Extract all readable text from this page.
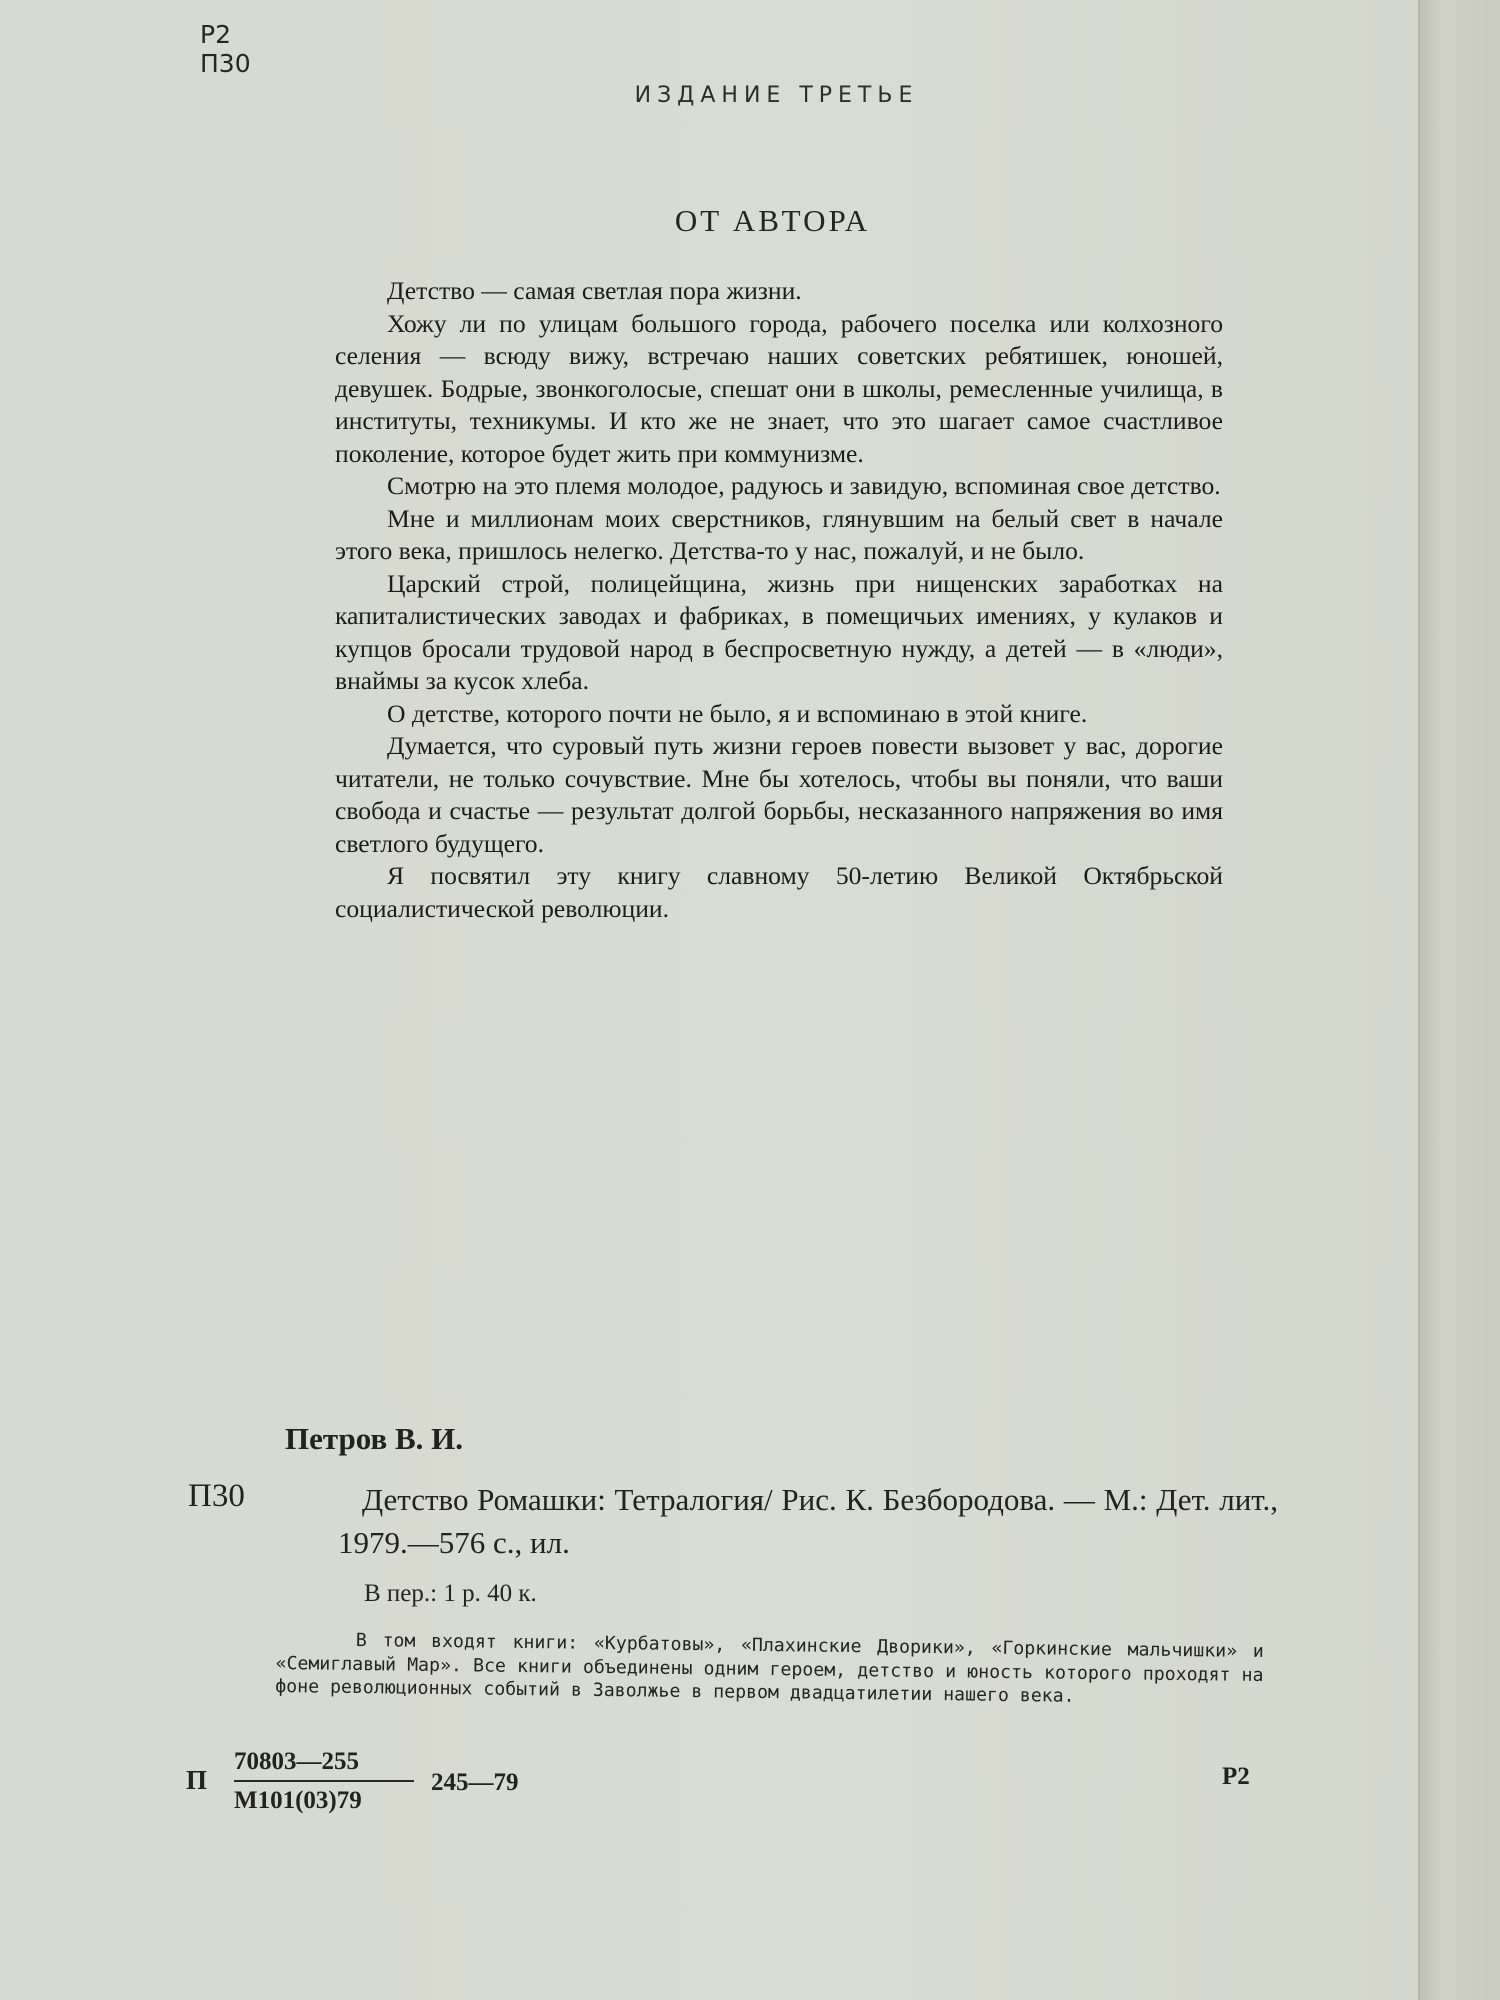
Р2
П30
ИЗДАНИЕ ТРЕТЬЕ
ОТ АВТОРА

Детство — самая светлая пора жизни.

Хожу ли по улицам большого города, рабочего поселка или колхозного селения — всюду вижу, встречаю наших советских ребятишек, юношей, девушек. Бодрые, звонкоголосые, спешат они в школы, ремесленные училища, в институты, техникумы. И кто же не знает, что это шагает самое счастливое поколение, которое будет жить при коммунизме.

Смотрю на это племя молодое, радуюсь и завидую, вспоминая свое детство.

Мне и миллионам моих сверстников, глянувшим на белый свет в начале этого века, пришлось нелегко. Детства-то у нас, пожалуй, и не было.

Царский строй, полицейщина, жизнь при нищенских заработках на капиталистических заводах и фабриках, в помещичьих имениях, у кулаков и купцов бросали трудовой народ в беспросветную нужду, а детей — в «люди», внаймы за кусок хлеба.

О детстве, которого почти не было, я и вспоминаю в этой книге.

Думается, что суровый путь жизни героев повести вызовет у вас, дорогие читатели, не только сочувствие. Мне бы хотелось, чтобы вы поняли, что ваши свобода и счастье — результат долгой борьбы, несказанного напряжения во имя светлого будущего.

Я посвятил эту книгу славному 50-летию Великой Октябрьской социалистической революции.

Петров В. И.
П30	Детство Ромашки: Тетралогия/ Рис. К. Безбородова. — М.: Дет. лит., 1979.—576 с., ил.
В пер.: 1 р. 40 к.
В том входят книги: «Курбатовы», «Плахинские Дворики», «Горкинские мальчишки» и «Семиглавый Мар». Все книги объединены одним героем, детство и юность которого проходят на фоне революционных событий в Заволжье в первом двадцатилетии нашего века.
П
70803—255
М101(03)79
245—79	Р2
